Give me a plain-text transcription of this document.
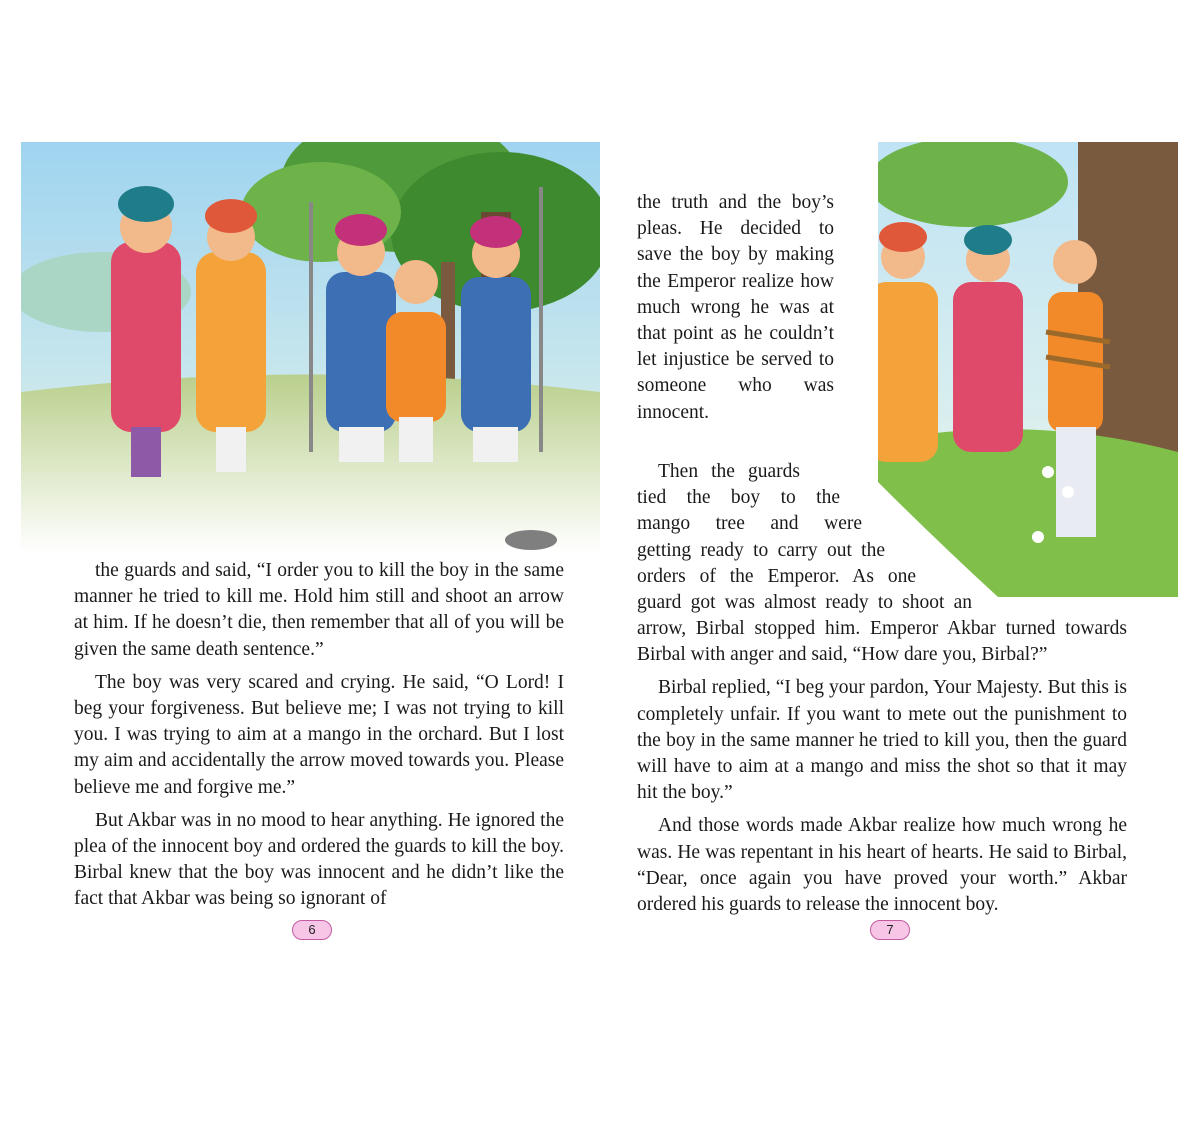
the guards and said, “I order you to kill the boy in the same manner he tried to kill me. Hold him still and shoot an arrow at him. If he doesn’t die, then remember that all of you will be given the same death sentence.”

The boy was very scared and crying. He said, “O Lord! I beg your forgiveness. But believe me; I was not trying to kill you. I was trying to aim at a mango in the orchard. But I lost my aim and accidentally the arrow moved towards you. Please believe me and forgive me.”

But Akbar was in no mood to hear anything. He ignored the plea of the innocent boy and ordered the guards to kill the boy. Birbal knew that the boy was innocent and he didn’t like the fact that Akbar was being so ignorant of

6

the truth and the boy’s pleas. He decided to save the boy by making the Emperor realize how much wrong he was at that point as he couldn’t let injustice be served to someone who was innocent.

Then the guards
tied the boy to the
mango tree and were
getting ready to carry out the
orders of the Emperor. As one
guard got was almost ready to shoot an

arrow, Birbal stopped him. Emperor Akbar turned towards Birbal with anger and said, “How dare you, Birbal?”

Birbal replied, “I beg your pardon, Your Majesty. But this is completely unfair. If you want to mete out the punishment to the boy in the same manner he tried to kill you, then the guard will have to aim at a mango and miss the shot so that it may hit the boy.”

And those words made Akbar realize how much wrong he was. He was repentant in his heart of hearts. He said to Birbal, “Dear, once again you have proved your worth.” Akbar ordered his guards to release the innocent boy.

7
